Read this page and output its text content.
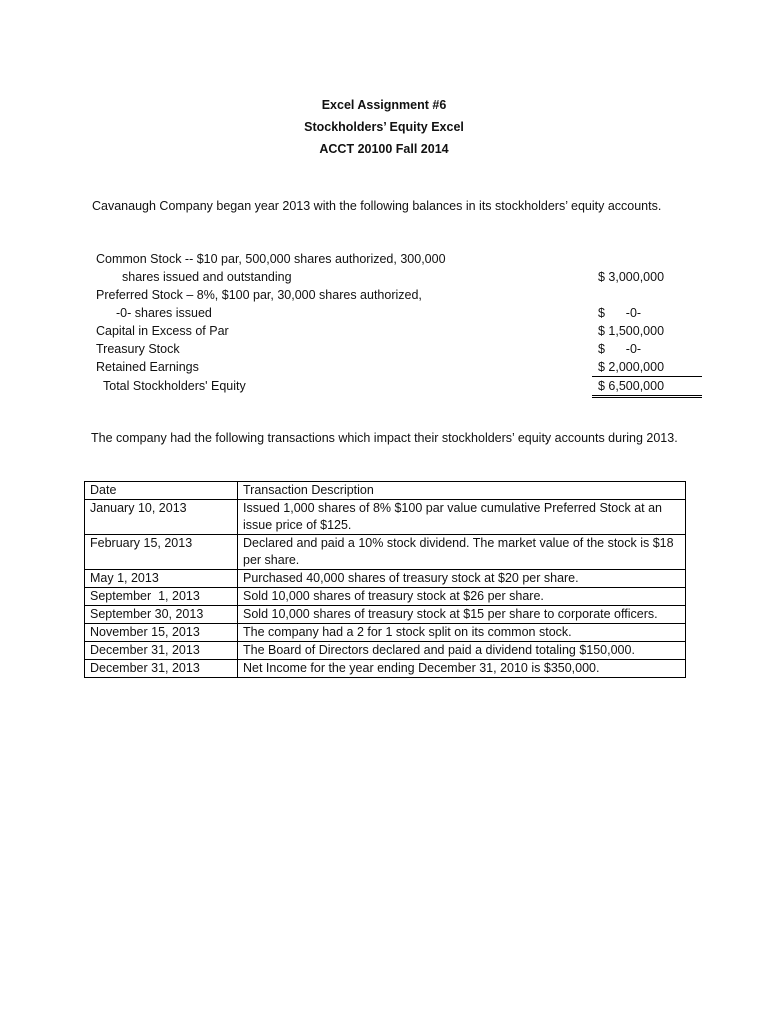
Excel Assignment #6
Stockholders’ Equity Excel
ACCT 20100 Fall 2014
Cavanaugh Company began year 2013 with the following balances in its stockholders’ equity accounts.
Common Stock -- $10 par, 500,000 shares authorized, 300,000	
shares issued and outstanding	$ 3,000,000
Preferred Stock – 8%, $100 par, 30,000 shares authorized,	
-0- shares issued	$      -0-
Capital in Excess of Par	$ 1,500,000
Treasury Stock	$      -0-
Retained Earnings	$ 2,000,000
Total Stockholders' Equity	$ 6,500,000
The company had the following transactions which impact their stockholders’ equity accounts during 2013.
Date	Transaction Description
January 10, 2013	Issued 1,000 shares of 8% $100 par value cumulative Preferred Stock at an issue price of $125.
February 15, 2013	Declared and paid a 10% stock dividend. The market value of the stock is $18 per share.
May 1, 2013	Purchased 40,000 shares of treasury stock at $20 per share.
September  1, 2013	Sold 10,000 shares of treasury stock at $26 per share.
September 30, 2013	Sold 10,000 shares of treasury stock at $15 per share to corporate officers.
November 15, 2013	The company had a 2 for 1 stock split on its common stock.
December 31, 2013	The Board of Directors declared and paid a dividend totaling $150,000.
December 31, 2013	Net Income for the year ending December 31, 2010 is $350,000.
